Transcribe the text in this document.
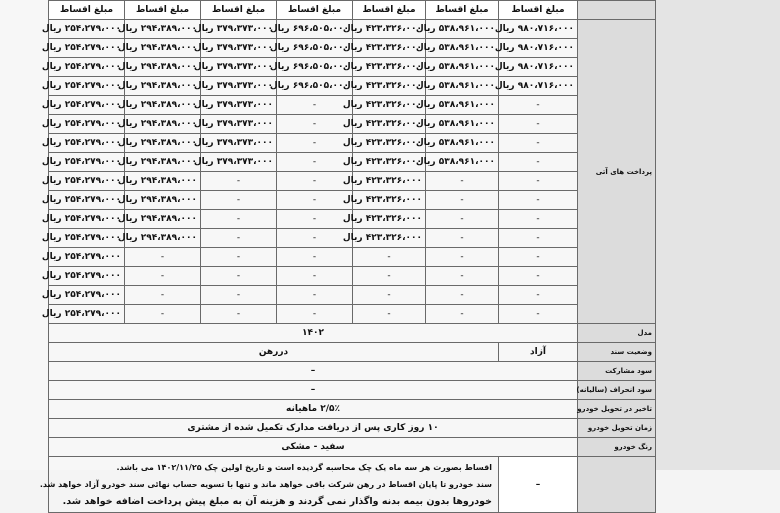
مبلغ اقساط	مبلغ اقساط	مبلغ اقساط	مبلغ اقساط	مبلغ اقساط	مبلغ اقساط	مبلغ اقساط	
۲۵۴،۲۷۹،۰۰۰ ریال	۲۹۴،۳۸۹،۰۰۰ ریال	۳۷۹،۳۷۳،۰۰۰ ریال	۶۹۶،۵۰۵،۰۰۰ ریال	۴۲۳،۳۲۶،۰۰۰ ریال	۵۳۸،۹۶۱،۰۰۰ ریال	۹۸۰،۷۱۶،۰۰۰ ریال	پرداخت های آتی
۲۵۴،۲۷۹،۰۰۰ ریال	۲۹۴،۳۸۹،۰۰۰ ریال	۳۷۹،۳۷۳،۰۰۰ ریال	۶۹۶،۵۰۵،۰۰۰ ریال	۴۲۳،۳۲۶،۰۰۰ ریال	۵۳۸،۹۶۱،۰۰۰ ریال	۹۸۰،۷۱۶،۰۰۰ ریال	
۲۵۴،۲۷۹،۰۰۰ ریال	۲۹۴،۳۸۹،۰۰۰ ریال	۳۷۹،۳۷۳،۰۰۰ ریال	۶۹۶،۵۰۵،۰۰۰ ریال	۴۲۳،۳۲۶،۰۰۰ ریال	۵۳۸،۹۶۱،۰۰۰ ریال	۹۸۰،۷۱۶،۰۰۰ ریال	
۲۵۴،۲۷۹،۰۰۰ ریال	۲۹۴،۳۸۹،۰۰۰ ریال	۳۷۹،۳۷۳،۰۰۰ ریال	۶۹۶،۵۰۵،۰۰۰ ریال	۴۲۳،۳۲۶،۰۰۰ ریال	۵۳۸،۹۶۱،۰۰۰ ریال	۹۸۰،۷۱۶،۰۰۰ ریال	
۲۵۴،۲۷۹،۰۰۰ ریال	۲۹۴،۳۸۹،۰۰۰ ریال	۳۷۹،۳۷۳،۰۰۰ ریال	-	۴۲۳،۳۲۶،۰۰۰ ریال	۵۳۸،۹۶۱،۰۰۰ ریال	-	
۲۵۴،۲۷۹،۰۰۰ ریال	۲۹۴،۳۸۹،۰۰۰ ریال	۳۷۹،۳۷۳،۰۰۰ ریال	-	۴۲۳،۳۲۶،۰۰۰ ریال	۵۳۸،۹۶۱،۰۰۰ ریال	-	
۲۵۴،۲۷۹،۰۰۰ ریال	۲۹۴،۳۸۹،۰۰۰ ریال	۳۷۹،۳۷۳،۰۰۰ ریال	-	۴۲۳،۳۲۶،۰۰۰ ریال	۵۳۸،۹۶۱،۰۰۰ ریال	-	
۲۵۴،۲۷۹،۰۰۰ ریال	۲۹۴،۳۸۹،۰۰۰ ریال	۳۷۹،۳۷۳،۰۰۰ ریال	-	۴۲۳،۳۲۶،۰۰۰ ریال	۵۳۸،۹۶۱،۰۰۰ ریال	-	
۲۵۴،۲۷۹،۰۰۰ ریال	۲۹۴،۳۸۹،۰۰۰ ریال	-	-	۴۲۳،۳۲۶،۰۰۰ ریال	-	-	
۲۵۴،۲۷۹،۰۰۰ ریال	۲۹۴،۳۸۹،۰۰۰ ریال	-	-	۴۲۳،۳۲۶،۰۰۰ ریال	-	-	
۲۵۴،۲۷۹،۰۰۰ ریال	۲۹۴،۳۸۹،۰۰۰ ریال	-	-	۴۲۳،۳۲۶،۰۰۰ ریال	-	-	
۲۵۴،۲۷۹،۰۰۰ ریال	۲۹۴،۳۸۹،۰۰۰ ریال	-	-	۴۲۳،۳۲۶،۰۰۰ ریال	-	-	
۲۵۴،۲۷۹،۰۰۰ ریال	-	-	-	-	-	-	
۲۵۴،۲۷۹،۰۰۰ ریال	-	-	-	-	-	-	
۲۵۴،۲۷۹،۰۰۰ ریال	-	-	-	-	-	-	
۲۵۴،۲۷۹،۰۰۰ ریال	-	-	-	-	-	-	
۱۴۰۲							مدل
دررهن						آزاد	وضعیت سند
–							سود مشارکت
–							سود انحراف (سالیانه)
۲/۵٪ ماهیانه							تاخیر در تحویل خودرو
۱۰ روز کاری پس از دریافت مدارک تکمیل شده از مشتری							زمان تحویل خودرو
سفید - مشکی							رنگ خودرو

اقساط بصورت هر سه ماه یک چک محاسبه گردیده است و تاریخ اولین چک ۱۴۰۲/۱۱/۲۵ می باشد.
سند خودرو تا پایان اقساط در رهن شرکت باقی خواهد ماند و تنها با تسویه حساب نهائی سند خودرو آزاد خواهد شد.
خودروها بدون بیمه بدنه واگذار نمی گردند و هزینه آن به مبلغ پیش پرداخت اضافه خواهد شد.						–	
